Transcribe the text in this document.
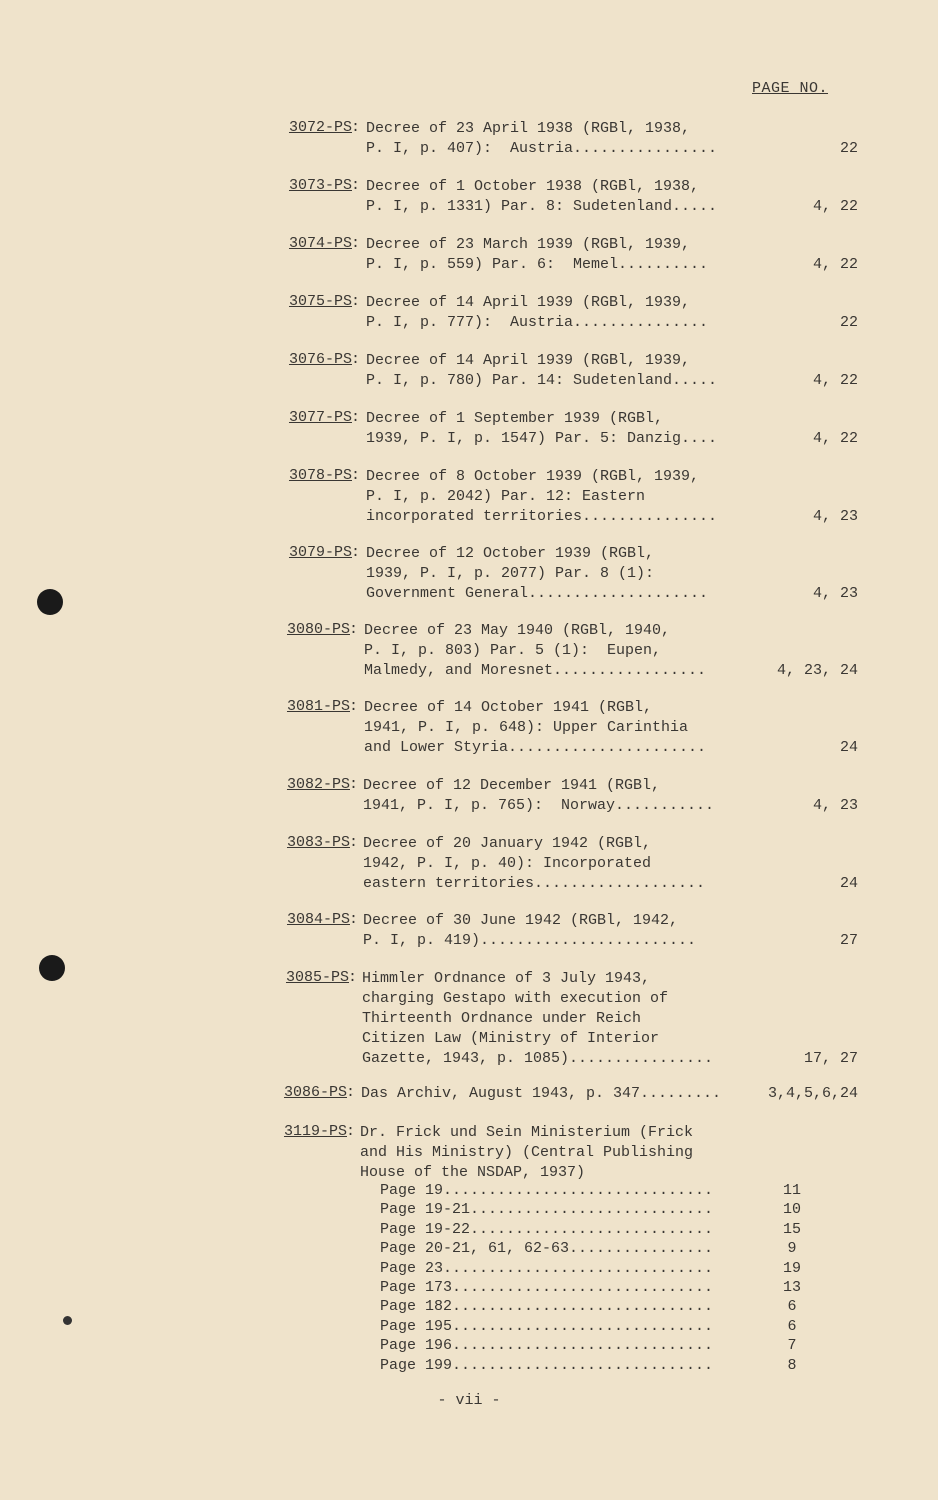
PAGE NO.
3072-PS : Decree of 23 April 1938 (RGBl, 1938,
P. I, p. 407):  Austria................	22
3073-PS : Decree of 1 October 1938 (RGBl, 1938,
P. I, p. 1331) Par. 8: Sudetenland.....	4, 22
3074-PS : Decree of 23 March 1939 (RGBl, 1939,
P. I, p. 559) Par. 6:  Memel..........	4, 22
3075-PS : Decree of 14 April 1939 (RGBl, 1939,
P. I, p. 777):  Austria...............	22
3076-PS : Decree of 14 April 1939 (RGBl, 1939,
P. I, p. 780) Par. 14: Sudetenland.....	4, 22
3077-PS : Decree of 1 September 1939 (RGBl,
1939, P. I, p. 1547) Par. 5: Danzig....	4, 22
3078-PS : Decree of 8 October 1939 (RGBl, 1939,
P. I, p. 2042) Par. 12: Eastern
incorporated territories...............	4, 23
3079-PS : Decree of 12 October 1939 (RGBl,
1939, P. I, p. 2077) Par. 8 (1):
Government General....................	4, 23
3080-PS : Decree of 23 May 1940 (RGBl, 1940,
P. I, p. 803) Par. 5 (1):  Eupen,
Malmedy, and Moresnet.................	4, 23, 24
3081-PS : Decree of 14 October 1941 (RGBl,
1941, P. I, p. 648): Upper Carinthia
and Lower Styria......................	24
3082-PS : Decree of 12 December 1941 (RGBl,
1941, P. I, p. 765):  Norway...........	4, 23
3083-PS : Decree of 20 January 1942 (RGBl,
1942, P. I, p. 40): Incorporated
eastern territories...................	24
3084-PS : Decree of 30 June 1942 (RGBl, 1942,
P. I, p. 419)........................	27
3085-PS : Himmler Ordnance of 3 July 1943,
charging Gestapo with execution of
Thirteenth Ordnance under Reich
Citizen Law (Ministry of Interior
Gazette, 1943, p. 1085)................	17, 27
3086-PS : Das Archiv, August 1943, p. 347.........	3,4,5,6,24
3119-PS : Dr. Frick und Sein Ministerium (Frick
and His Ministry) (Central Publishing
House of the NSDAP, 1937)
Page 19..............................	11
Page 19-21...........................	10
Page 19-22...........................	15
Page 20-21, 61, 62-63................	9
Page 23..............................	19
Page 173.............................	13
Page 182.............................	6
Page 195.............................	6
Page 196.............................	7
Page 199.............................	8
- vii -
